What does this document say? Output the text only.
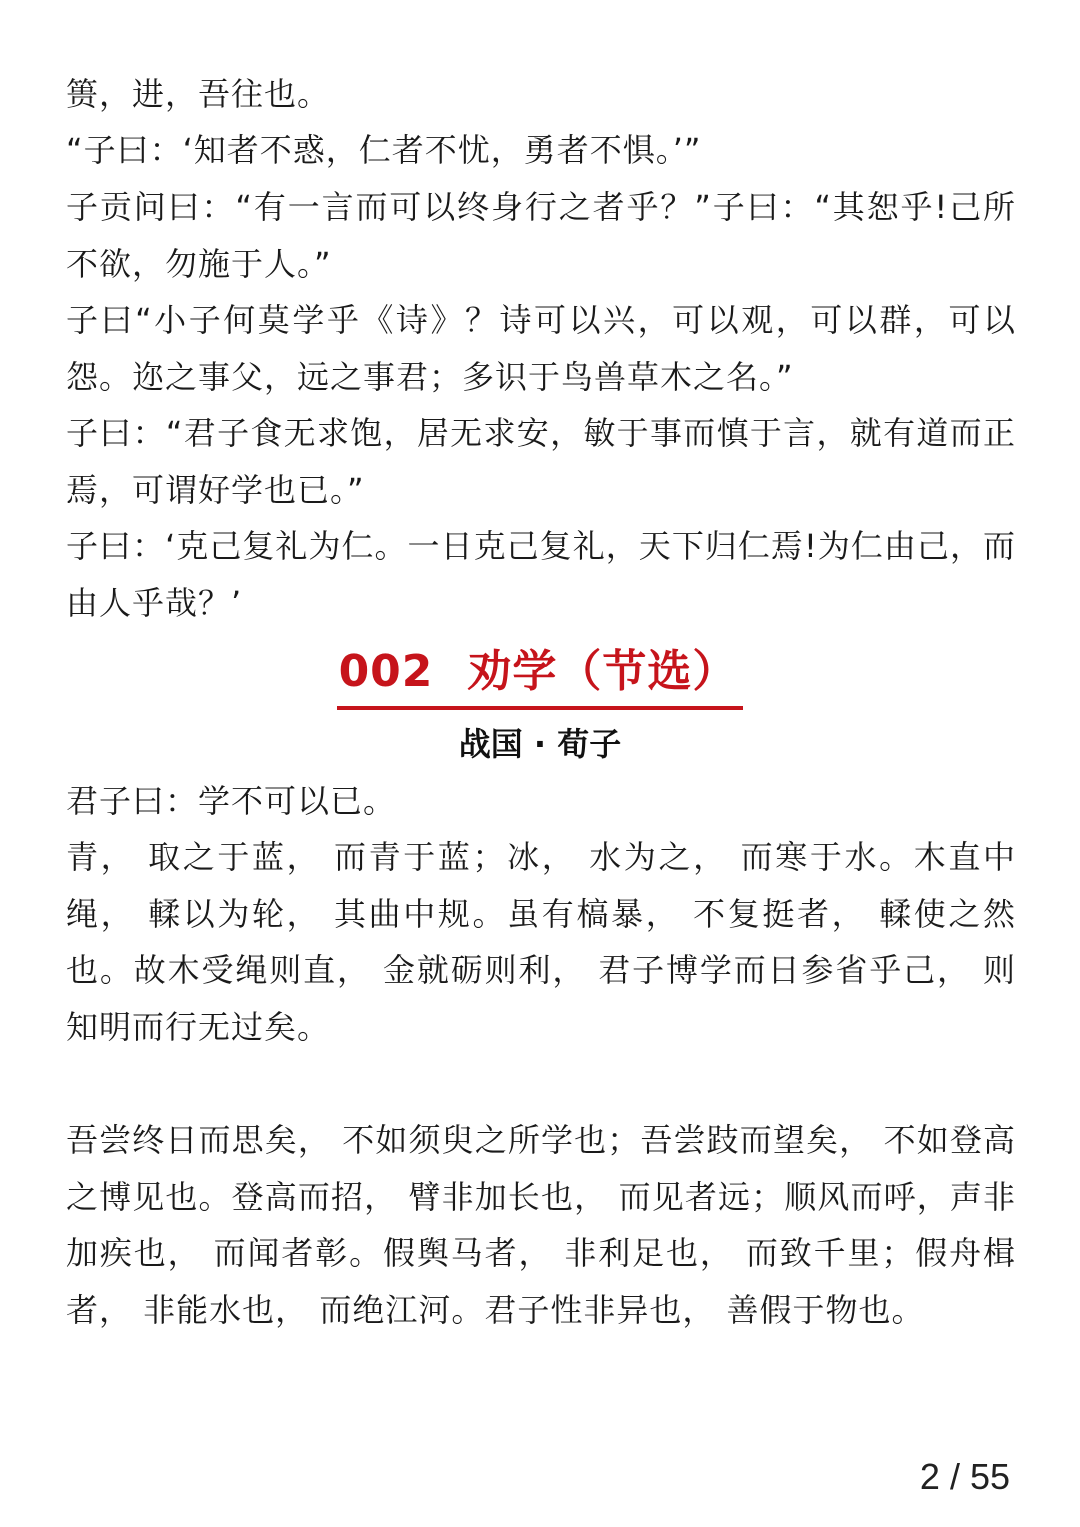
篑，进，吾往也。

“子曰：‘知者不惑，仁者不忧，勇者不惧。’”

子贡问曰：“有一言而可以终身行之者乎？”子曰：“其恕乎!己所不欲，勿施于人。”

子曰“小子何莫学乎《诗》？诗可以兴，可以观，可以群，可以怨。迩之事父，远之事君；多识于鸟兽草木之名。”

子曰：“君子食无求饱，居无求安，敏于事而慎于言，就有道而正焉，可谓好学也已。”

子曰：‘克己复礼为仁。一日克己复礼，天下归仁焉!为仁由己，而由人乎哉？’

002 劝学（节选）

战国 · 荀子

君子曰：学不可以已。

青， 取之于蓝， 而青于蓝；冰， 水为之， 而寒于水。木直中绳， 輮以为轮， 其曲中规。虽有槁暴， 不复挺者， 輮使之然也。故木受绳则直， 金就砺则利， 君子博学而日参省乎己， 则知明而行无过矣。

吾尝终日而思矣， 不如须臾之所学也；吾尝跂而望矣， 不如登高之博见也。登高而招， 臂非加长也， 而见者远；顺风而呼，声非加疾也， 而闻者彰。假舆马者， 非利足也， 而致千里；假舟楫者， 非能水也， 而绝江河。君子性非异也， 善假于物也。

2 / 55
